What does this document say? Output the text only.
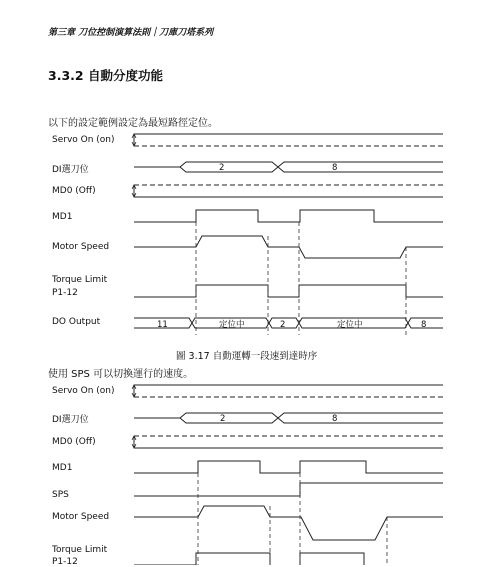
第三章 刀位控制演算法則｜刀庫刀塔系列
3.3.2 自動分度功能
以下的設定範例設定為最短路徑定位。
Servo On (on)
DI選刀位
MD0 (Off)
MD1
Motor Speed
Torque Limit
P1-12
DO Output
2	8
11	定位中	2	定位中	8
2	8
圖 3.17 自動運轉一段速到達時序
使用 SPS 可以切換運行的速度。
Servo On (on)
DI選刀位
MD0 (Off)
MD1
SPS
Motor Speed
Torque Limit
P1-12
